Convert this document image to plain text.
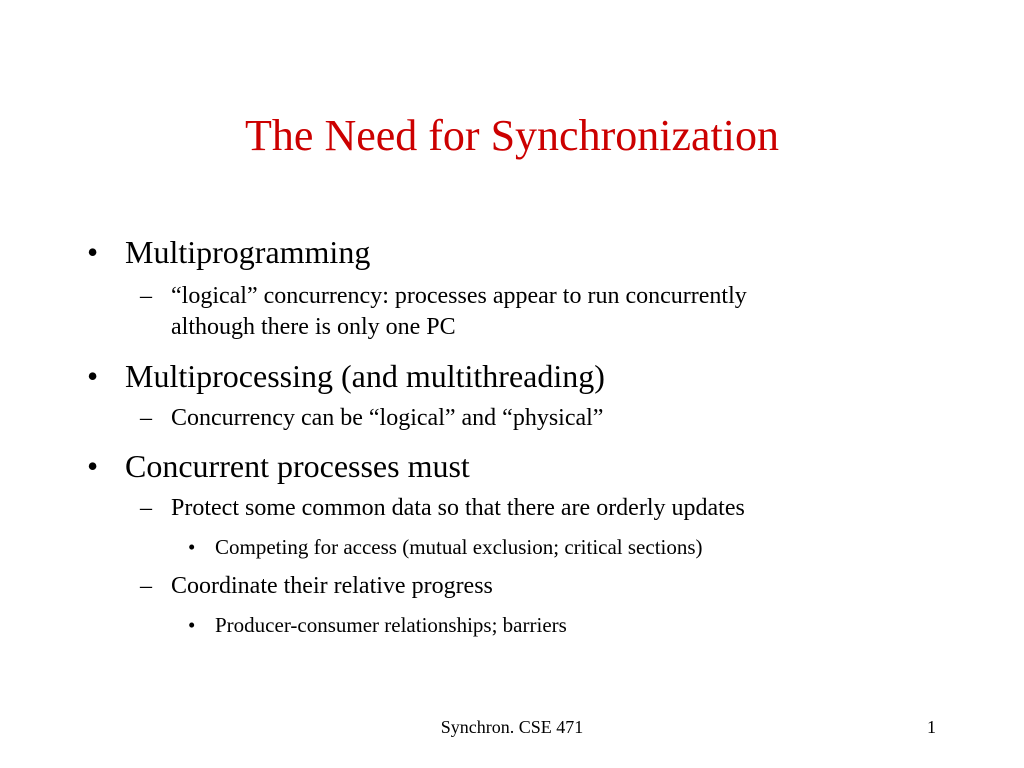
The Need for Synchronization
• Multiprogramming
– “logical” concurrency: processes appear to run concurrently
although there is only one PC
• Multiprocessing (and multithreading)
– Concurrency can be “logical” and “physical”
• Concurrent processes must
– Protect some common data so that there are orderly updates
• Competing for access (mutual exclusion; critical sections)
– Coordinate their relative progress
• Producer-consumer relationships; barriers
Synchron. CSE 471	1
